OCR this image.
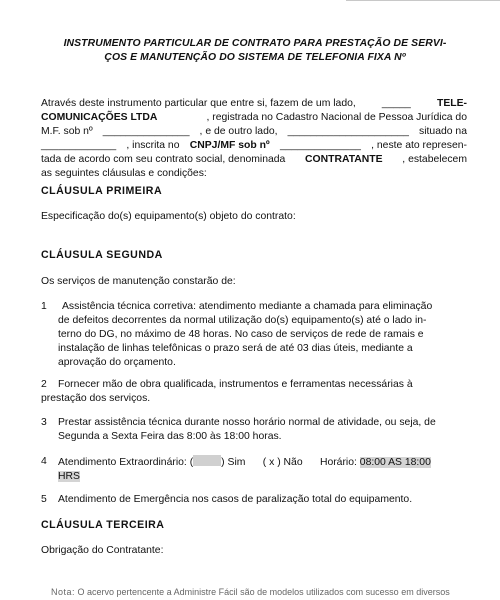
INSTRUMENTO PARTICULAR DE CONTRATO PARA PRESTAÇÃO DE SERVI-
ÇOS E MANUTENÇÃO DO SISTEMA DE TELEFONIA FIXA Nº
Através deste instrumento particular que entre si, fazem de um lado,	_____	TELE-
COMUNICAÇÕES LTDA	, registrada no Cadastro Nacional de Pessoa Jurídica do
M.F. sob nº _______________ , e de outro lado, _____________________ situado na
_____________ , inscrita no CNPJ/MF sob nº ______________ , neste ato represen-
tada de acordo com seu contrato social, denominada CONTRATANTE , estabelecem
as seguintes cláusulas e condições:
CLÁUSULA PRIMEIRA
Especificação do(s) equipamento(s) objeto do contrato:
CLÁUSULA SEGUNDA
Os serviços de manutenção constarão de:
1	Assistência técnica corretiva: atendimento mediante a chamada para eliminação
de defeitos decorrentes da normal utilização do(s) equipamento(s) até o lado in-
terno do DG, no máximo de 48 horas. No caso de serviços de rede de ramais e
instalação de linhas telefônicas o prazo será de até 03 dias úteis, mediante a
aprovação do orçamento.
2 Fornecer mão de obra qualificada, instrumentos e ferramentas necessárias à
prestação dos serviços.
3 Prestar assistência técnica durante nosso horário normal de atividade, ou seja, de
Segunda a Sexta Feira das 8:00 às 18:00 horas.
4 Atendimento Extraordinário: (	) Sim ( x ) Não Horário: 08:00 AS 18:00
HRS
5 Atendimento de Emergência nos casos de paralização total do equipamento.
CLÁUSULA TERCEIRA
Obrigação do Contratante:
Nota: O acervo pertencente a Administre Fácil são de modelos utilizados com sucesso em diversos
